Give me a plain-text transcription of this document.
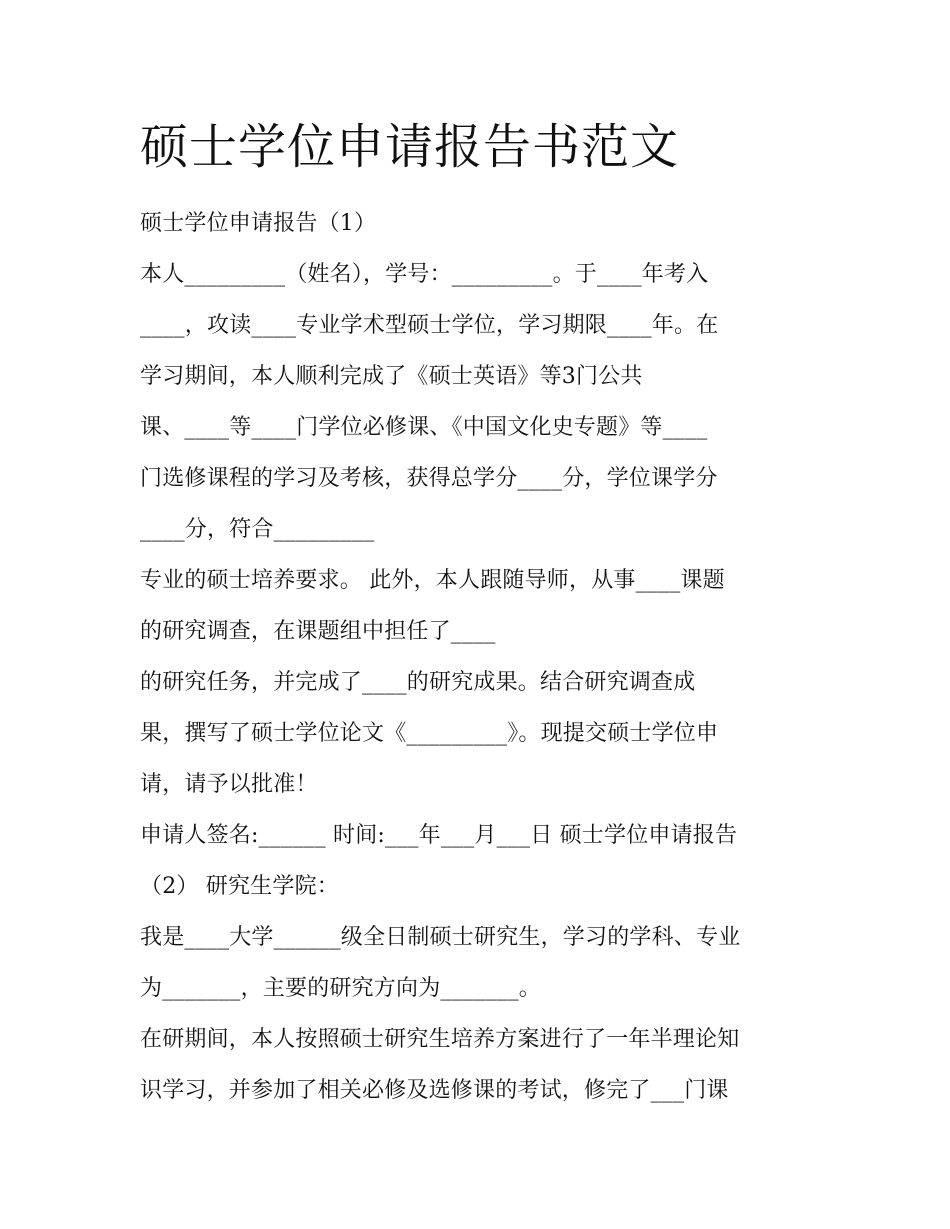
硕士学位申请报告书范文
硕士学位申请报告（1）
本人_________（姓名），学号：_________。于____年考入
____，攻读____专业学术型硕士学位，学习期限____年。在
学习期间，本人顺利完成了《硕士英语》等3门公共
课、____等____门学位必修课、《中国文化史专题》等____
门选修课程的学习及考核，获得总学分____分，学位课学分
____分，符合_________
专业的硕士培养要求。 此外，本人跟随导师，从事____课题
的研究调查，在课题组中担任了____
的研究任务，并完成了____的研究成果。结合研究调查成
果，撰写了硕士学位论文《_________》。现提交硕士学位申
请，请予以批准！
申请人签名:______ 时间:___年___月___日 硕士学位申请报告
（2） 研究生学院：
我是____大学______级全日制硕士研究生，学习的学科、专业
为_______，主要的研究方向为_______。
在研期间，本人按照硕士研究生培养方案进行了一年半理论知
识学习，并参加了相关必修及选修课的考试，修完了___门课
